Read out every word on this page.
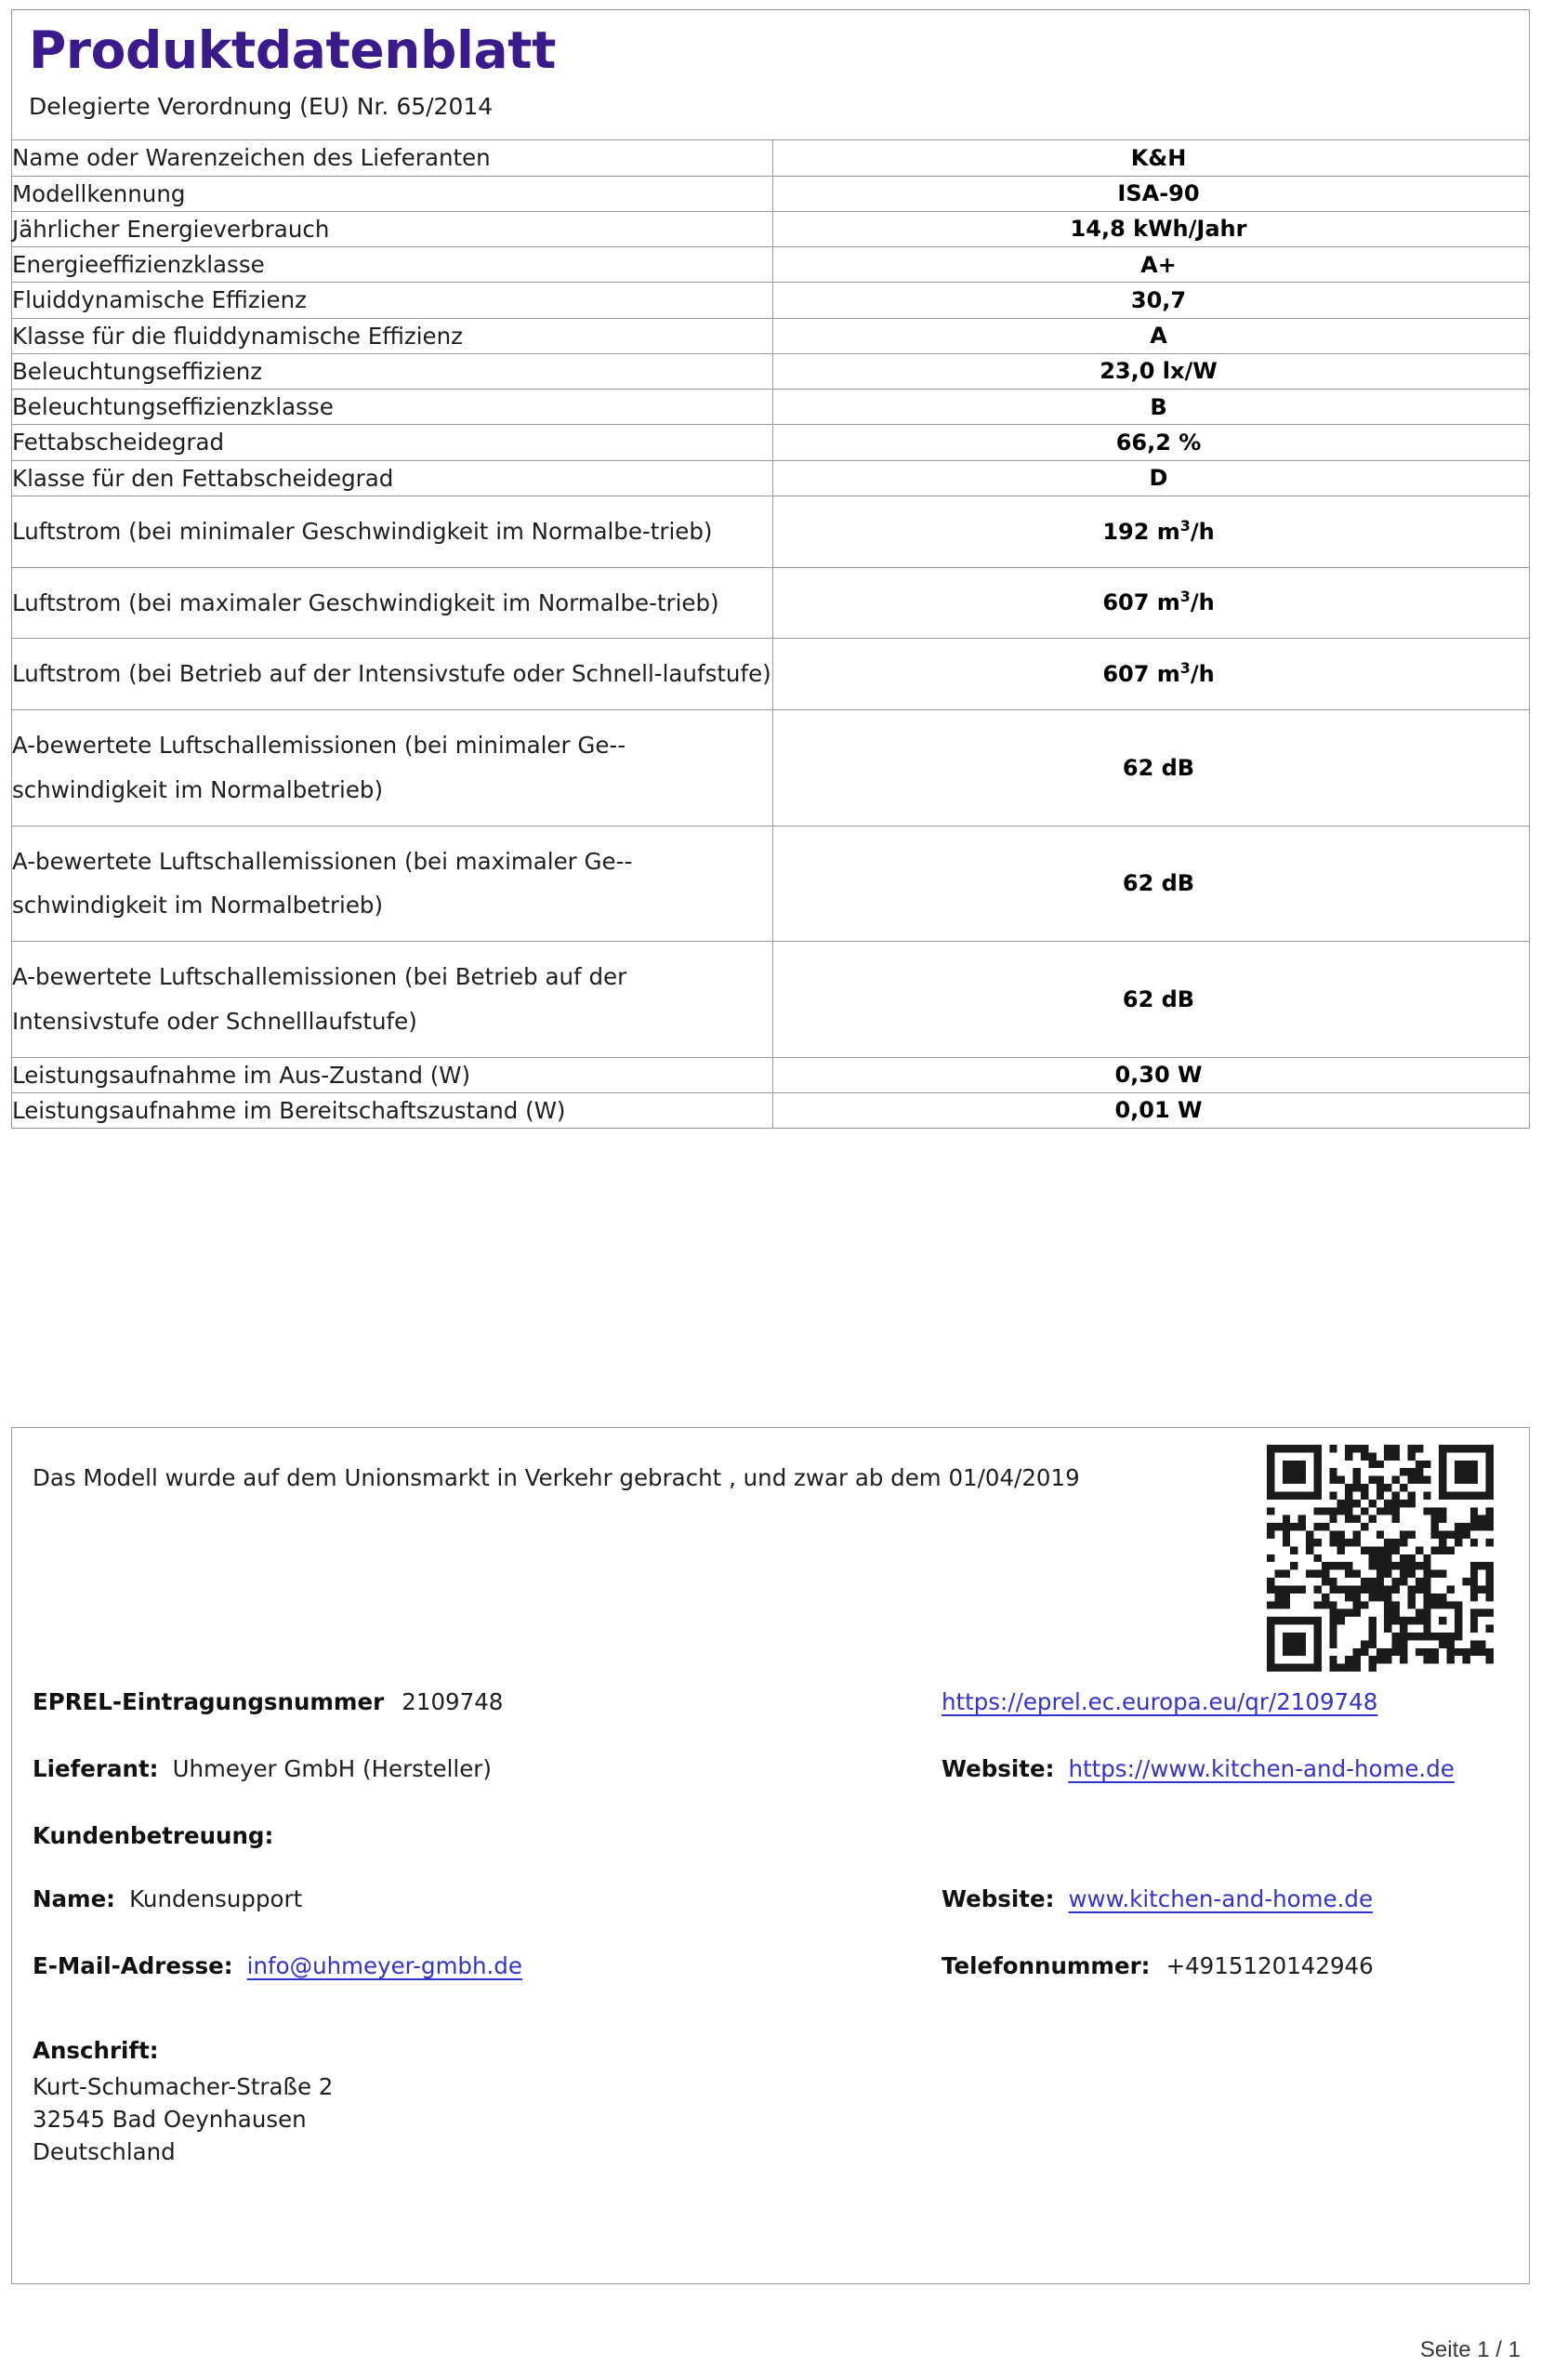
Produktdatenblatt
Delegierte Verordnung (EU) Nr. 65/2014
Name oder Warenzeichen des Lieferanten	K&H

Modellkennung	ISA-90

Jährlicher Energieverbrauch	14,8 kWh/Jahr

Energieeffizienzklasse	A+

Fluiddynamische Effizienz	30,7

Klasse für die fluiddynamische Effizienz	A

Beleuchtungseffizienz	23,0 lx/W

Beleuchtungseffizienzklasse	B

Fettabscheidegrad	66,2 %

Klasse für den Fettabscheidegrad	D

Luftstrom (bei minimaler Geschwindigkeit im Normalbe-trieb)	192 $m^3/h$

Luftstrom (bei maximaler Geschwindigkeit im Normalbe-trieb)	607 $m^3/h$

Luftstrom (bei Betrieb auf der Intensivstufe oder Schnell-laufstufe)	607 $m^3/h$

A-bewertete Luftschallemissionen (bei minimaler Ge-schwindigkeit im Normalbetrieb)	62 dB

A-bewertete Luftschallemissionen (bei maximaler Ge-schwindigkeit im Normalbetrieb)	62 dB

A-bewertete Luftschallemissionen (bei Betrieb auf der Intensivstufe oder Schnelllaufstufe)	62 dB

Leistungsaufnahme im Aus-Zustand (W)	0,30 W

Leistungsaufnahme im Bereitschaftszustand (W)	0,01 W
Das Modell wurde auf dem Unionsmarkt in Verkehr gebracht , und zwar ab dem 01/04/2019
EPREL-Eintragungsnummer 2109748	https://eprel.ec.europa.eu/qr/2109748
Lieferant: Uhmeyer GmbH (Hersteller)	Website: https://www.kitchen-and-home.de
Kundenbetreuung:
Name: Kundensupport	Website: www.kitchen-and-home.de
E-Mail-Adresse: info@uhmeyer-gmbh.de	Telefonnummer: +4915120142946
Anschrift:
Kurt-Schumacher-Straße 2
32545 Bad Oeynhausen
Deutschland
Seite 1 / 1
